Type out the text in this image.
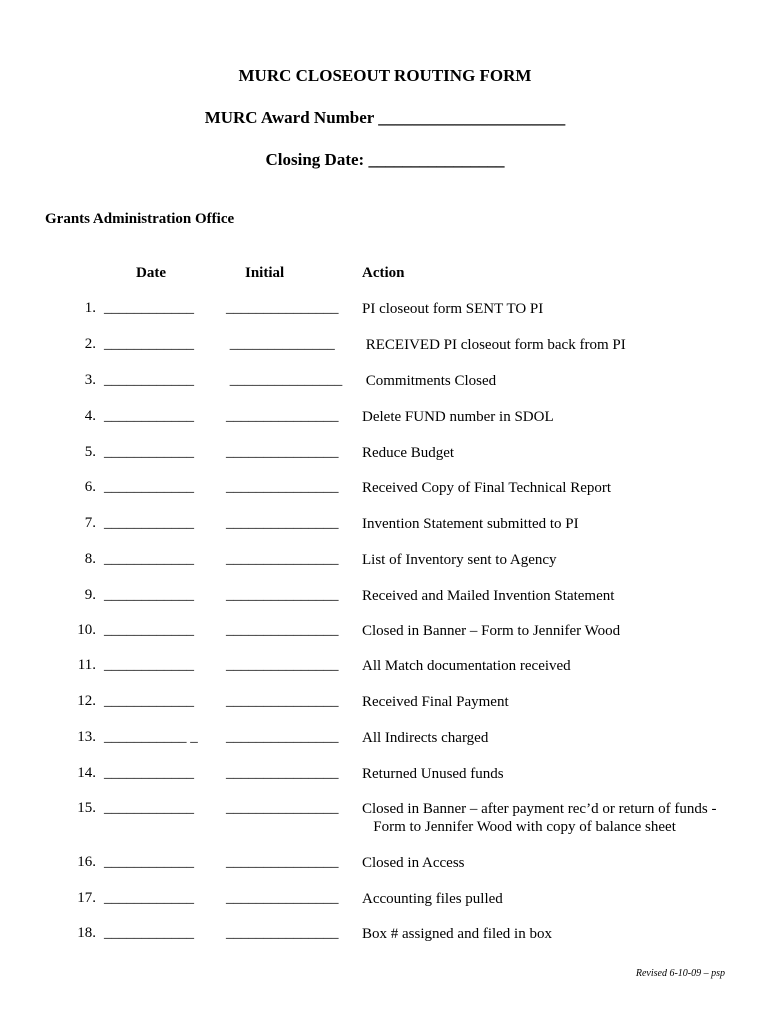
MURC CLOSEOUT ROUTING FORM
MURC Award Number ______________________
Closing Date: ________________
Grants Administration Office
Date	Initial	Action
1. ____________ _______________ PI closeout form SENT TO PI
2. ____________ ______________ RECEIVED PI closeout form back from PI
3. ____________ _______________ Commitments Closed
4. ____________ _______________ Delete FUND number in SDOL
5. ____________ _______________ Reduce Budget
6. ____________ _______________ Received Copy of Final Technical Report
7. ____________ _______________ Invention Statement submitted to PI
8. ____________ _______________ List of Inventory sent to Agency
9. ____________ _______________ Received and Mailed Invention Statement
10. ____________ _______________ Closed in Banner – Form to Jennifer Wood
11. ____________ _______________ All Match documentation received
12. ____________ _______________ Received Final Payment
13. ___________ _ _______________ All Indirects charged
14. ____________ _______________ Returned Unused funds
15. ____________ _______________ Closed in Banner – after payment rec’d or return of funds -
Form to Jennifer Wood with copy of balance sheet
16. ____________ _______________ Closed in Access
17. ____________ _______________ Accounting files pulled
18. ____________ _______________ Box # assigned and filed in box
Revised 6-10-09 – psp
